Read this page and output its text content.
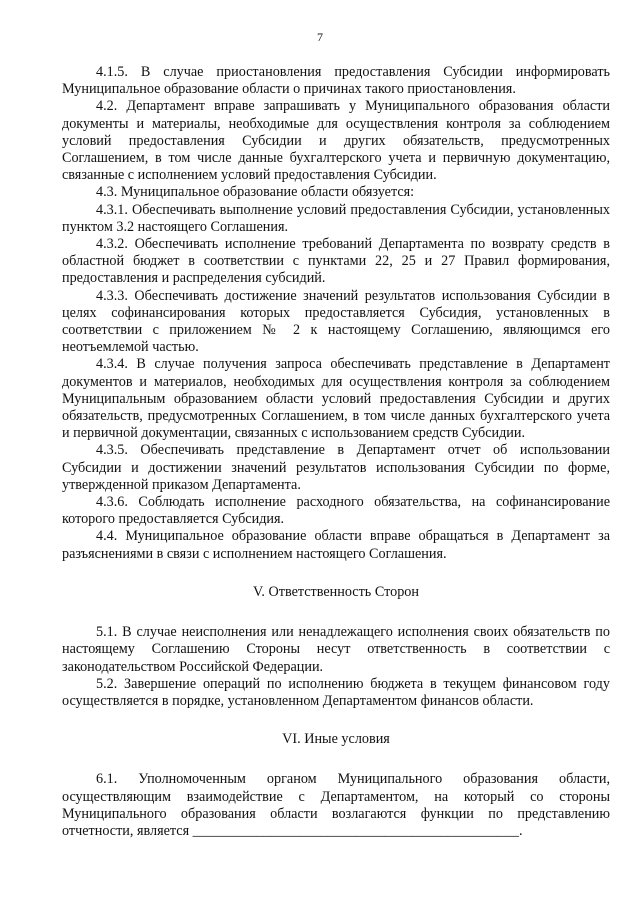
7

4.1.5. В случае приостановления предоставления Субсидии информировать Муниципальное образование области о причинах такого приостановления.

4.2. Департамент вправе запрашивать у Муниципального образования области документы и материалы, необходимые для осуществления контроля за соблюдением условий предоставления Субсидии и других обязательств, предусмотренных Соглашением, в том числе данные бухгалтерского учета и первичную документацию, связанные с исполнением условий предоставления Субсидии.

4.3. Муниципальное образование области обязуется:

4.3.1. Обеспечивать выполнение условий предоставления Субсидии, установленных пунктом 3.2 настоящего Соглашения.

4.3.2. Обеспечивать исполнение требований Департамента по возврату средств в областной бюджет в соответствии с пунктами 22, 25 и 27 Правил формирования, предоставления и распределения субсидий.

4.3.3. Обеспечивать достижение значений результатов использования Субсидии в целях софинансирования которых предоставляется Субсидия, установленных в соответствии с приложением № 2 к настоящему Соглашению, являющимся его неотъемлемой частью.

4.3.4. В случае получения запроса обеспечивать представление в Департамент документов и материалов, необходимых для осуществления контроля за соблюдением Муниципальным образованием области условий предоставления Субсидии и других обязательств, предусмотренных Соглашением, в том числе данных бухгалтерского учета и первичной документации, связанных с использованием средств Субсидии.

4.3.5. Обеспечивать представление в Департамент отчет об использовании Субсидии и достижении значений результатов использования Субсидии по форме, утвержденной приказом Департамента.

4.3.6. Соблюдать исполнение расходного обязательства, на софинансирование которого предоставляется Субсидия.

4.4. Муниципальное образование области вправе обращаться в Департамент за разъяснениями в связи с исполнением настоящего Соглашения.

V. Ответственность Сторон

5.1. В случае неисполнения или ненадлежащего исполнения своих обязательств по настоящему Соглашению Стороны несут ответственность в соответствии с законодательством Российской Федерации.

5.2. Завершение операций по исполнению бюджета в текущем финансовом году осуществляется в порядке, установленном Департаментом финансов области.

VI. Иные условия

6.1. Уполномоченным органом Муниципального образования области, осуществляющим взаимодействие с Департаментом, на который со стороны Муниципального образования области возлагаются функции по представлению отчетности, является ______________________________________________.
